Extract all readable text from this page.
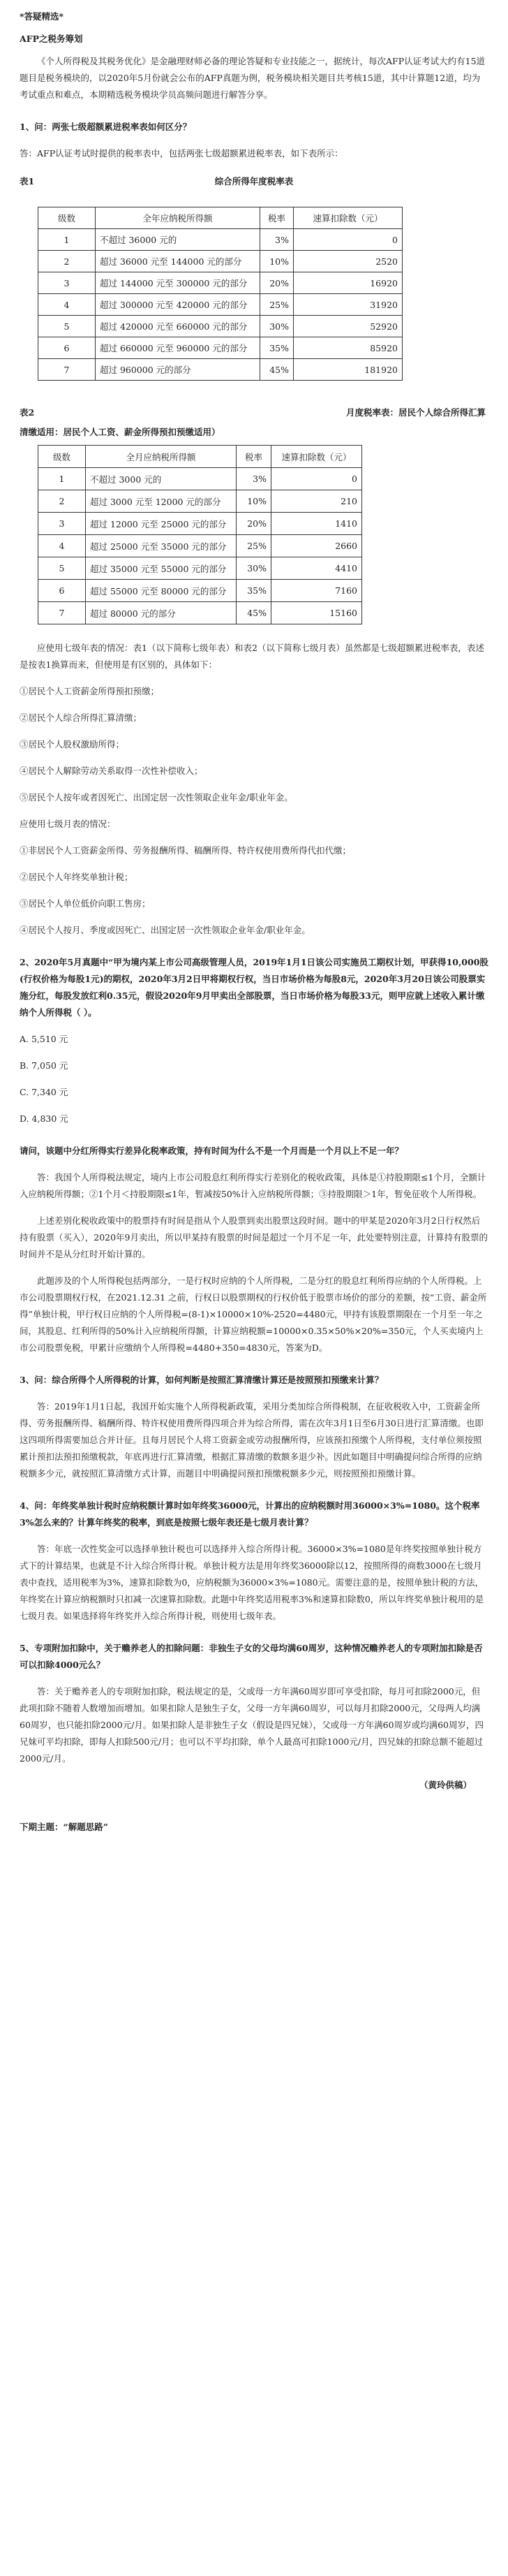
*答疑精选*

AFP之税务筹划

《个人所得税及其税务优化》是金融理财师必备的理论答疑和专业技能之一，据统计，每次AFP认证考试大约有15道题目是税务模块的，以2020年5月份就会公布的AFP真题为例，税务模块相关题目共考核15道，其中计算题12道，均为考试重点和难点，本期精选税务模块学员高频问题进行解答分享。

1、问：两张七级超额累进税率表如何区分？

答：AFP认证考试时提供的税率表中，包括两张七级超额累进税率表，如下表所示：

表1	综合所得年度税率表
级数	全年应纳税所得额	税率	速算扣除数（元）
1	不超过 36000 元的	3%	0
2	超过 36000 元至 144000 元的部分	10%	2520
3	超过 144000 元至 300000 元的部分	20%	16920
4	超过 300000 元至 420000 元的部分	25%	31920
5	超过 420000 元至 660000 元的部分	30%	52920
6	超过 660000 元至 960000 元的部分	35%	85920
7	超过 960000 元的部分	45%	181920
表2	月度税率表：居民个人综合所得汇算

清缴适用：居民个人工资、薪金所得预扣预缴适用）

级数	全月应纳税所得额	税率	速算扣除数（元）
1	不超过 3000 元的	3%	0
2	超过 3000 元至 12000 元的部分	10%	210
3	超过 12000 元至 25000 元的部分	20%	1410
4	超过 25000 元至 35000 元的部分	25%	2660
5	超过 35000 元至 55000 元的部分	30%	4410
6	超过 55000 元至 80000 元的部分	35%	7160
7	超过 80000 元的部分	45%	15160

应使用七级年表的情况：表1（以下简称七级年表）和表2（以下简称七级月表）虽然都是七级超额累进税率表，表述是按表1换算而来，但使用是有区别的，具体如下：

①居民个人工资薪金所得预扣预缴；

②居民个人综合所得汇算清缴；

③居民个人股权激励所得；

④居民个人解除劳动关系取得一次性补偿收入；

⑤居民个人按年或者因死亡、出国定居一次性领取企业年金/职业年金。

应使用七级月表的情况：

①非居民个人工资薪金所得、劳务报酬所得、稿酬所得、特许权使用费所得代扣代缴；

②居民个人年终奖单独计税；

③居民个人单位低价向职工售房；

④居民个人按月、季度或因死亡、出国定居一次性领取企业年金/职业年金。

2、2020年5月真题中“甲为境内某上市公司高级管理人员，2019年1月1日该公司实施员工期权计划，甲获得10,000股(行权价格为每股1元)的期权，2020年3月2日甲将期权行权，当日市场价格为每股8元，2020年3月20日该公司股票实施分红，每股发放红利0.35元，假设2020年9月甲卖出全部股票，当日市场价格为每股33元，则甲应就上述收入累计缴纳个人所得税（ ）。

A. 5,510 元

B. 7,050 元

C. 7,340 元

D. 4,830 元

请问，该题中分红所得实行差异化税率政策，持有时间为什么不是一个月而是一个月以上不足一年？

答：我国个人所得税法规定，境内上市公司股息红利所得实行差别化的税收政策，具体是①持股期限≤1个月，全额计入应纳税所得额；②1个月＜持股期限≤1年，暂减按50%计入应纳税所得额；③持股期限＞1年，暂免征收个人所得税。

上述差别化税收政策中的股票持有时间是指从个人股票到卖出股票这段时间。题中的甲某是2020年3月2日行权然后持有股票（买入），2020年9月卖出，所以甲某持有股票的时间是超过一个月不足一年，此处要特别注意，计算持有股票的时间并不是从分红时开始计算的。

此题涉及的个人所得税包括两部分，一是行权时应纳的个人所得税，二是分红的股息红利所得应纳的个人所得税。上市公司股票期权行权，在2021.12.31 之前，行权日以股票期权的行权价低于股票市场价的部分的差额，按“工资、薪金所得”单独计税，甲行权日应纳的个人所得税=(8-1)×10000×10%-2520=4480元，甲持有该股票期限在一个月至一年之间，其股息、红利所得的50%计入应纳税所得额，计算应纳税额=10000×0.35×50%×20%=350元，个人买卖境内上市公司股票免税，甲累计应缴纳个人所得税=4480+350=4830元，答案为D。

3、问：综合所得个人所得税的计算，如何判断是按照汇算清缴计算还是按照预扣预缴来计算？

答：2019年1月1日起，我国开始实施个人所得税新政策，采用分类加综合所得税制，在征收税收入中，工资薪金所得、劳务报酬所得、稿酬所得、特许权使用费所得四项合并为综合所得，需在次年3月1日至6月30日进行汇算清缴。也即这四项所得需要加总合并计征。且每月居民个人将工资薪金或劳动报酬所得，应该预扣预缴个人所得税，支付单位须按照累计预扣法预扣预缴税款，年底再进行汇算清缴，根据汇算清缴的数额多退少补。因此如题目中明确提问综合所得的应纳税额多少元，就按照汇算清缴方式计算，而题目中明确提问预扣预缴税额多少元，则按照预扣预缴计算。

4、问：年终奖单独计税时应纳税额计算时如年终奖36000元，计算出的应纳税额时用36000×3%=1080。这个税率3%怎么来的？计算年终奖的税率，到底是按照七级年表还是七级月表计算？

答：年底一次性奖金可以选择单独计税也可以选择并入综合所得计税。36000×3%=1080是年终奖按照单独计税方式下的计算结果，也就是不计入综合所得计税。单独计税方法是用年终奖36000除以12，按照所得的商数3000在七级月表中查找，适用税率为3%，速算扣除数为0，应纳税额为36000×3%=1080元。需要注意的是，按照单独计税的方法，年终奖在计算应纳税额时只扣减一次速算扣除数。此题中年终奖适用税率3%和速算扣除数0，所以年终奖单独计税用的是七级月表。如果选择将年终奖并入综合所得计税，则使用七级年表。

5、专项附加扣除中，关于赡养老人的扣除问题：非独生子女的父母均满60周岁，这种情况赡养老人的专项附加扣除是否可以扣除4000元么？

答：关于赡养老人的专项附加扣除，税法规定的是，父或母一方年满60周岁即可享受扣除，每月可扣除2000元，但此项扣除不随着人数增加而增加。如果扣除人是独生子女，父母一方年满60周岁，可以每月扣除2000元，父母两人均满60周岁，也只能扣除2000元/月。如果扣除人是非独生子女（假设是四兄妹），父或母一方年满60周岁或均满60周岁，四兄妹可平均扣除，即每人扣除500元/月；也可以不平均扣除，单个人最高可扣除1000元/月，四兄妹的扣除总额不能超过2000元/月。

（黄玲供稿）

下期主题：“解题思路”
